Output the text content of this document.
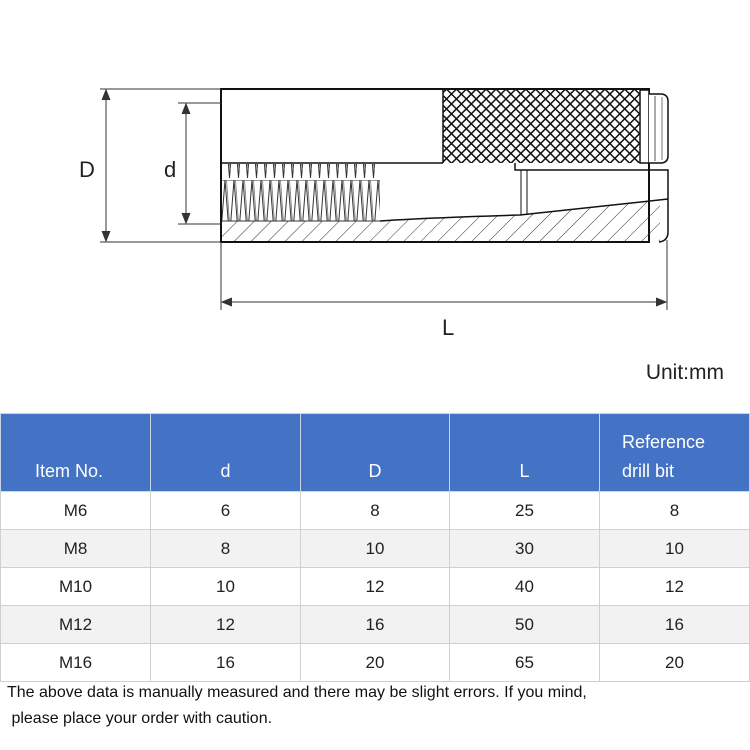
D	d
L
Unit:mm
Item No.	d	D	L	Reference
drill bit
M6	6	8	25	8
M8	8	10	30	10
M10	10	12	40	12
M12	12	16	50	16
M16	16	20	65	20

The above data is manually measured and there may be slight errors. If you mind,
please place your order with caution.
